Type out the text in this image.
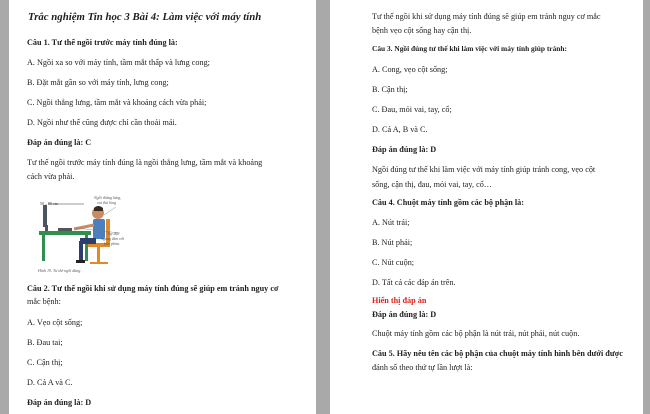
Trắc nghiệm Tin học 3 Bài 4: Làm việc với máy tính
Câu 1. Tư thế ngồi trước máy tính đúng là:
A. Ngồi xa so với máy tính, tầm mắt thấp và lưng cong;
B. Đặt mắt gần so với máy tính, lưng cong;
C. Ngồi thẳng lưng, tầm mắt và khoảng cách vừa phải;
D. Ngồi như thế cũng được chỉ cần thoải mái.
Đáp án đúng là: C
Tư thế ngồi trước máy tính đúng là ngồi thẳng lưng, tầm mắt và khoảng
cách vừa phải.
50 – 80 cm
Ngồi thẳng lưng,
vai thả lỏng
Tay đặt
ngang tầm với
bàn phím.
Hình 19. Tư thế ngồi đúng
Câu 2. Tư thế ngồi khi sử dụng máy tính đúng sẽ giúp em tránh nguy cơ
mắc bệnh:
A. Vẹo cột sống;
B. Đau tai;
C. Cận thị;
D. Cả A và C.
Đáp án đúng là: D
Tư thế ngồi khi sử dụng máy tính đúng sẽ giúp em tránh nguy cơ mắc
bệnh vẹo cột sống hay cận thị.
Câu 3. Ngồi đúng tư thế khi làm việc với máy tính giúp tránh:
A. Cong, vẹo cột sống;
B. Cận thị;
C. Đau, mỏi vai, tay, cổ;
D. Cả A, B và C.
Đáp án đúng là: D
Ngồi đúng tư thế khi làm việc với máy tính giúp tránh cong, vẹo cột
sống, cận thị, đau, mỏi vai, tay, cổ…
Câu 4. Chuột máy tính gồm các bộ phận là:
A. Nút trái;
B. Nút phải;
C. Nút cuộn;
D. Tất cả các đáp án trên.
Hiển thị đáp án
Đáp án đúng là: D
Chuột máy tính gồm các bộ phận là nút trái, nút phải, nút cuộn.
Câu 5. Hãy nêu tên các bộ phận của chuột máy tính hình bên dưới được
đánh số theo thứ tự lần lượt là:
